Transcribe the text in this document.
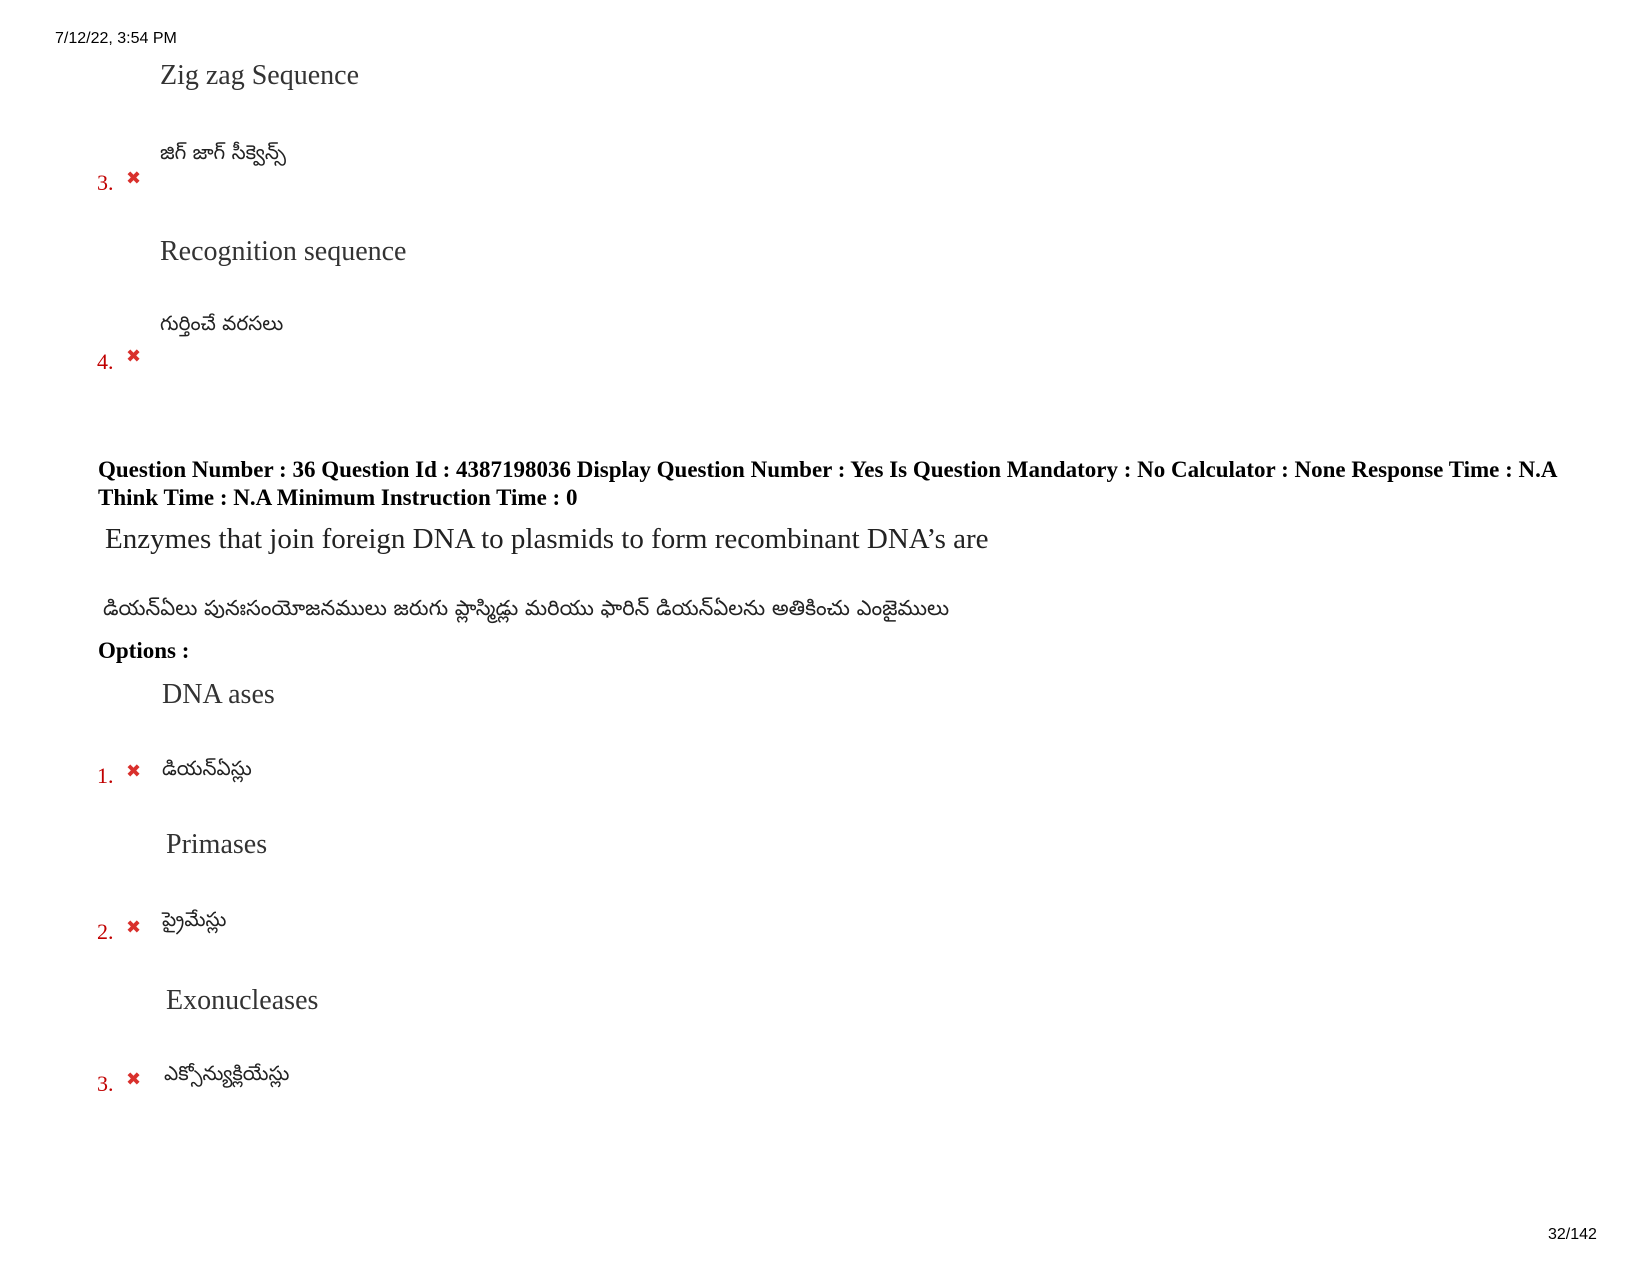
7/12/22, 3:54 PM
Zig zag Sequence
జిగ్ జాగ్ సీక్వెన్స్
3. ✖
Recognition sequence
గుర్తించే వరసలు
4. ✖
Question Number : 36 Question Id : 4387198036 Display Question Number : Yes Is Question Mandatory : No Calculator : None Response Time : N.A Think Time : N.A Minimum Instruction Time : 0
Enzymes that join foreign DNA to plasmids to form recombinant DNA’s are
డియన్ఏలు పునఃసంయోజనములు జరుగు ప్లాస్మిడ్లు మరియు ఫారిన్ డియన్ఏలను అతికించు ఎంజైములు
Options :
DNA ases
డియన్ఏస్లు
1. ✖
Primases
ప్రైమేస్లు
2. ✖
Exonucleases
ఎక్సోన్యుక్లియేస్లు
3. ✖
32/142
